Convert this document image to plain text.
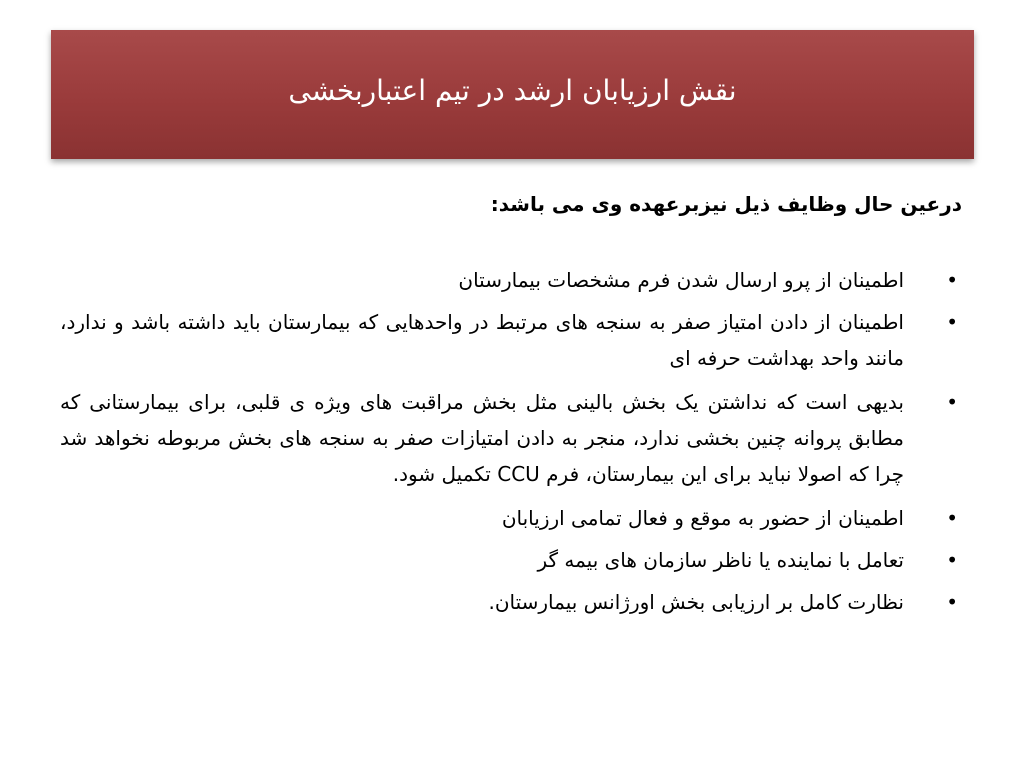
نقش ارزیابان ارشد در تیم اعتباربخشی
درعین حال وظایف ذیل نیزبرعهده وی می باشد:
•
اطمینان از پرو ارسال شدن فرم مشخصات بیمارستان
•
اطمینان از دادن امتیاز صفر به سنجه های مرتبط در واحدهایی که بیمارستان باید داشته باشد و ندارد، مانند واحد بهداشت حرفه ای
•
بدیهی است که نداشتن یک بخش بالینی مثل بخش مراقبت های ویژه ی قلبی، برای بیمارستانی که مطابق پروانه چنین بخشی ندارد، منجر به دادن امتیازات صفر به سنجه های بخش مربوطه نخواهد شد چرا که اصولا نباید برای این بیمارستان، فرم CCU تکمیل شود.
•
اطمینان از حضور به موقع و فعال تمامی ارزیابان
•
تعامل با نماینده یا ناظر سازمان های بیمه گر
•
نظارت کامل بر ارزیابی بخش اورژانس بیمارستان.
